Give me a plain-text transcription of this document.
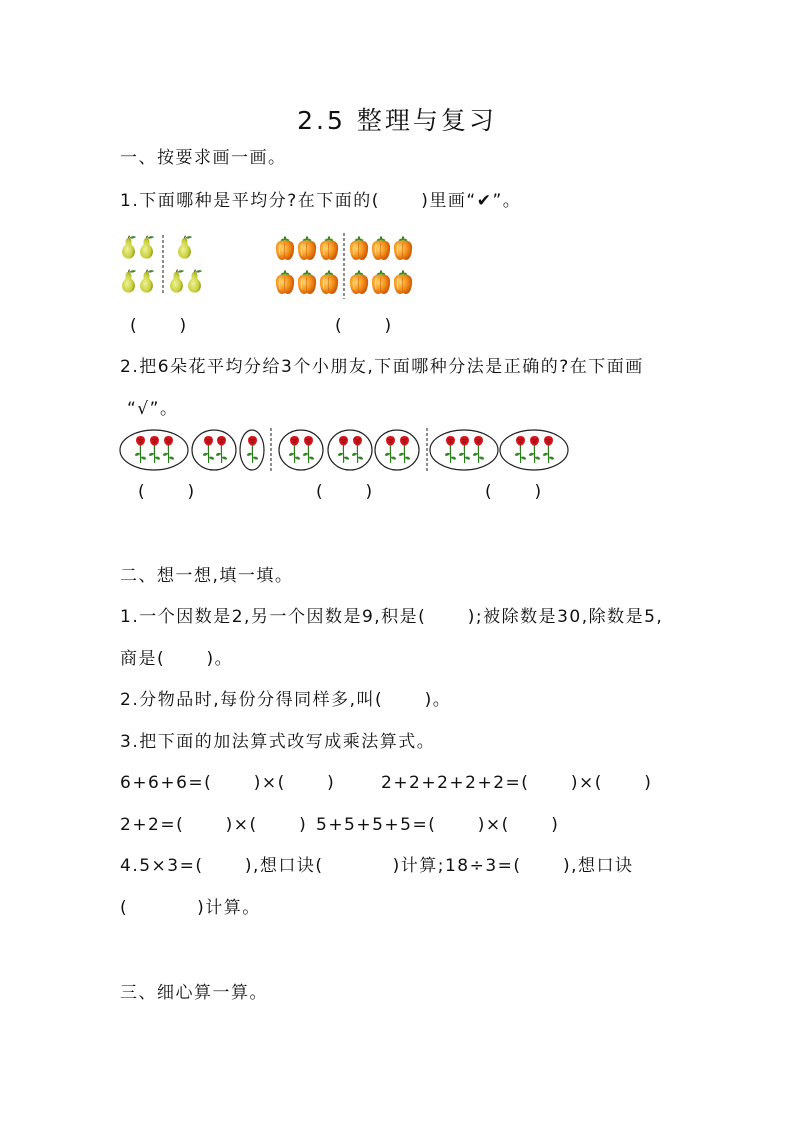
2.5 整理与复习
一、按要求画一画。
1.下面哪种是平均分?在下面的(      )里画“✔”。
(      )	(      )
2.把6朵花平均分给3个小朋友,下面哪种分法是正确的?在下面画
“√”。
(      )	(      )	(      )
二、想一想,填一填。
1.一个因数是2,另一个因数是9,积是(      );被除数是30,除数是5,
商是(      )。
2.分物品时,每份分得同样多,叫(      )。
3.把下面的加法算式改写成乘法算式。
6+6+6=(      )×(      )	2+2+2+2+2=(      )×(      )
2+2=(      )×(      ) 5+5+5+5=(      )×(      )
4.5×3=(      ),想口诀(          )计算;18÷3=(      ),想口诀
(          )计算。
三、细心算一算。
